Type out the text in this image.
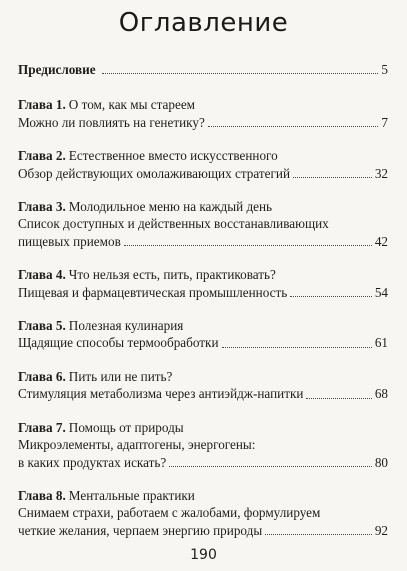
Оглавление
Предисловие	5
Глава 1. О том, как мы стареем
Можно ли повлиять на генетику?	7
Глава 2. Естественное вместо искусственного
Обзор действующих омолаживающих стратегий	32
Глава 3. Молодильное меню на каждый день
Список доступных и действенных восстанавливающих
пищевых приемов	42
Глава 4. Что нельзя есть, пить, практиковать?
Пищевая и фармацевтическая промышленность	54
Глава 5. Полезная кулинария
Щадящие способы термообработки	61
Глава 6. Пить или не пить?
Стимуляция метаболизма через антиэйдж-напитки	68
Глава 7. Помощь от природы
Микроэлементы, адаптогены, энергогены:
в каких продуктах искать?	80
Глава 8. Ментальные практики
Снимаем страхи, работаем с жалобами, формулируем
четкие желания, черпаем энергию природы	92
190
